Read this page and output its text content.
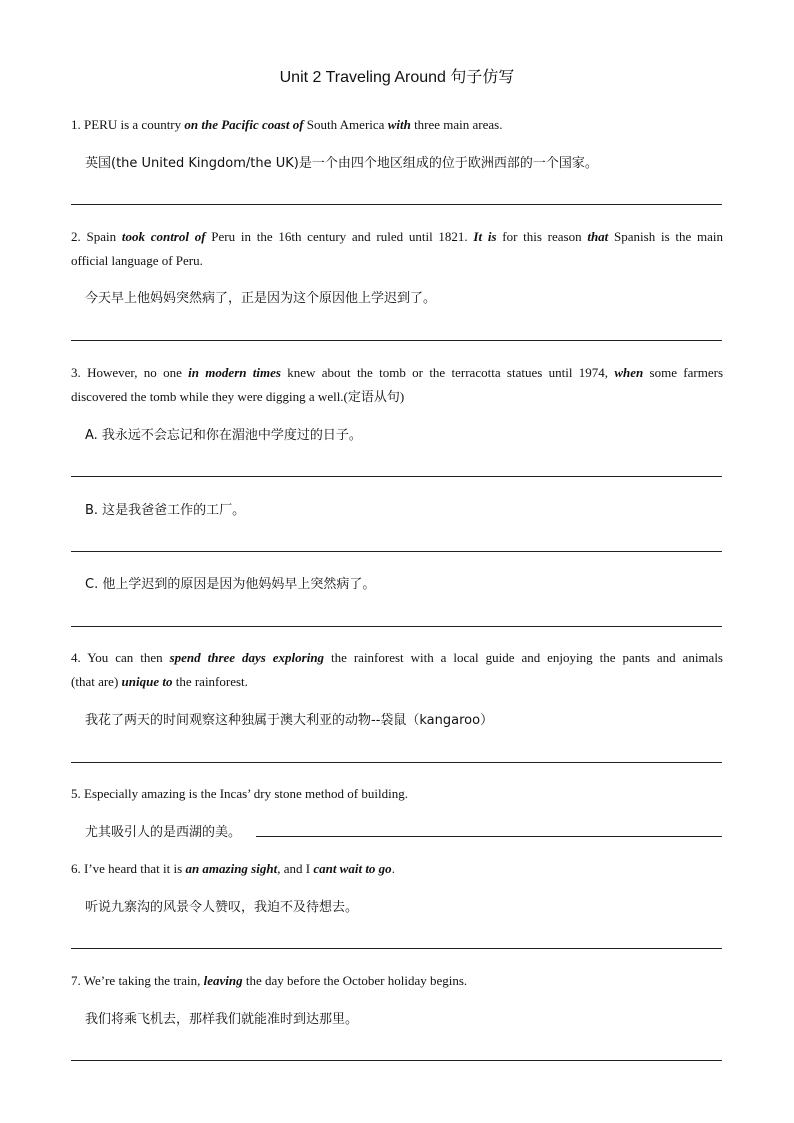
Unit 2 Traveling Around 句子仿写
1. PERU is a country on the Pacific coast of South America with three main areas.
英国(the United Kingdom/the UK)是一个由四个地区组成的位于欧洲西部的一个国家。
2. Spain took control of Peru in the 16th century and ruled until 1821. It is for this reason that Spanish is the main
official language of Peru.
今天早上他妈妈突然病了，正是因为这个原因他上学迟到了。
3. However, no one in modern times knew about the tomb or the terracotta statues until 1974, when some farmers
discovered the tomb while they were digging a well.(定语从句)
A. 我永远不会忘记和你在湄池中学度过的日子。
B. 这是我爸爸工作的工厂。
C. 他上学迟到的原因是因为他妈妈早上突然病了。
4. You can then spend three days exploring the rainforest with a local guide and enjoying the pants and animals
(that are) unique to the rainforest.
我花了两天的时间观察这种独属于澳大利亚的动物--袋鼠（kangaroo）
5. Especially amazing is the Incas’ dry stone method of building.
尤其吸引人的是西湖的美。
6. I’ve heard that it is an amazing sight, and I cant wait to go.
听说九寨沟的风景令人赞叹，我迫不及待想去。
7. We’re taking the train, leaving the day before the October holiday begins.
我们将乘飞机去，那样我们就能准时到达那里。
